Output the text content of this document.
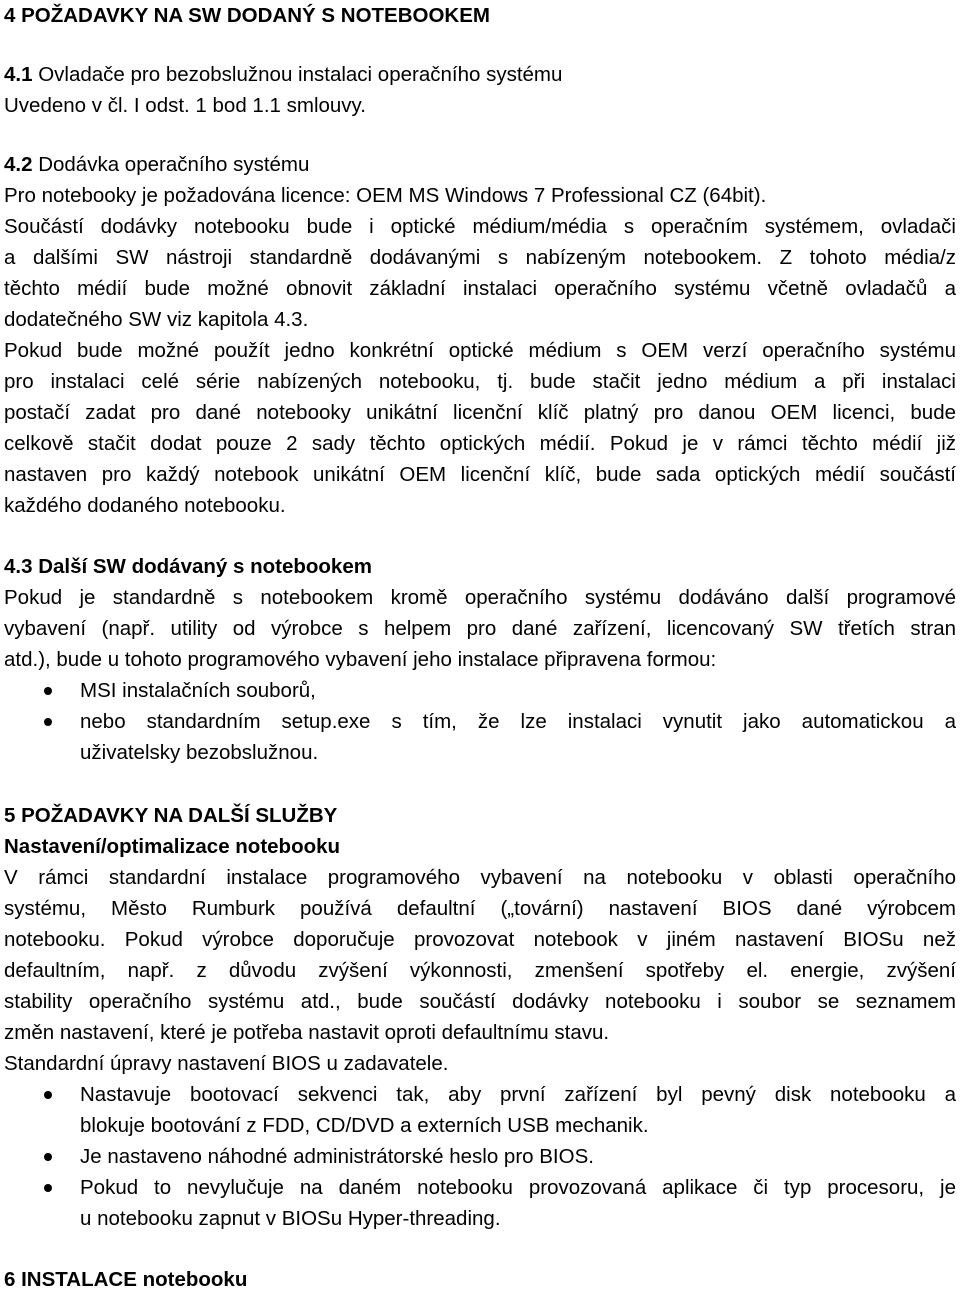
4 POŽADAVKY NA SW DODANÝ S NOTEBOOKEM
4.1 Ovladače pro bezobslužnou instalaci operačního systému
Uvedeno v čl. I odst. 1 bod 1.1 smlouvy.
4.2 Dodávka operačního systému
Pro notebooky je požadována licence: OEM MS Windows 7 Professional CZ (64bit).
Součástí dodávky notebooku bude i optické médium/média s operačním systémem, ovladači
a dalšími SW nástroji standardně dodávanými s nabízeným notebookem. Z tohoto média/z
těchto médií bude možné obnovit základní instalaci operačního systému včetně ovladačů a
dodatečného SW viz kapitola 4.3.
Pokud bude možné použít jedno konkrétní optické médium s OEM verzí operačního systému
pro instalaci celé série nabízených notebooku, tj. bude stačit jedno médium a při instalaci
postačí zadat pro dané notebooky unikátní licenční klíč platný pro danou OEM licenci, bude
celkově stačit dodat pouze 2 sady těchto optických médií. Pokud je v rámci těchto médií již
nastaven pro každý notebook unikátní OEM licenční klíč, bude sada optických médií součástí
každého dodaného notebooku.
4.3 Další SW dodávaný s notebookem
Pokud je standardně s notebookem kromě operačního systému dodáváno další programové
vybavení (např. utility od výrobce s helpem pro dané zařízení, licencovaný SW třetích stran
atd.), bude u tohoto programového vybavení jeho instalace připravena formou:
MSI instalačních souborů,
nebo standardním setup.exe s tím, že lze instalaci vynutit jako automatickou a
uživatelsky bezobslužnou.
5 POŽADAVKY NA DALŠÍ SLUŽBY
Nastavení/optimalizace notebooku
V rámci standardní instalace programového vybavení na notebooku v oblasti operačního
systému, Město Rumburk používá defaultní („tovární) nastavení BIOS dané výrobcem
notebooku. Pokud výrobce doporučuje provozovat notebook v jiném nastavení BIOSu než
defaultním, např. z důvodu zvýšení výkonnosti, zmenšení spotřeby el. energie, zvýšení
stability operačního systému atd., bude součástí dodávky notebooku i soubor se seznamem
změn nastavení, které je potřeba nastavit oproti defaultnímu stavu.
Standardní úpravy nastavení BIOS u zadavatele.
Nastavuje bootovací sekvenci tak, aby první zařízení byl pevný disk notebooku a
blokuje bootování z FDD, CD/DVD a externích USB mechanik.
Je nastaveno náhodné administrátorské heslo pro BIOS.
Pokud to nevylučuje na daném notebooku provozovaná aplikace či typ procesoru, je
u notebooku zapnut v BIOSu Hyper-threading.
6 INSTALACE notebooku
